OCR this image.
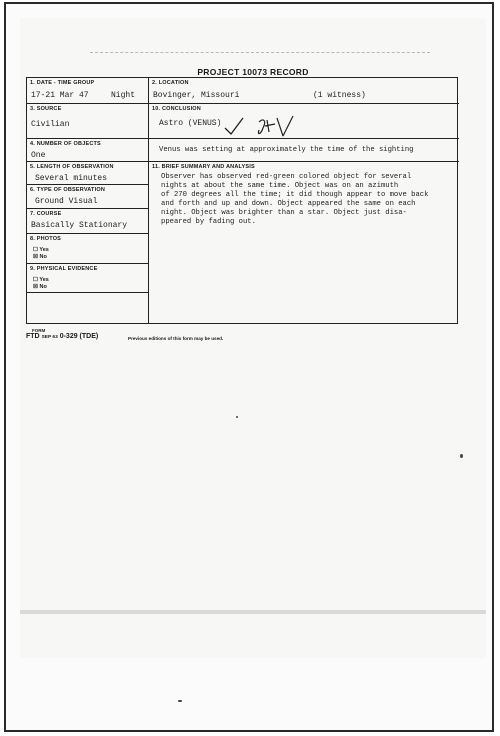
PROJECT 10073 RECORD
1. DATE - TIME GROUP
17-21 Mar 47	Night
2. LOCATION
Bovinger, Missouri	(1 witness)
3. SOURCE
Civilian
10. CONCLUSION
Astro (VENUS)
4. NUMBER OF OBJECTS
One
Venus was setting at approximately the time of the sighting
5. LENGTH OF OBSERVATION
Several minutes
11. BRIEF SUMMARY AND ANALYSIS
Observer has observed red-green colored object for several
nights at about the same time. Object was on an azimuth
of 270 degrees all the time; it did though appear to move back
and forth and up and down. Object appeared the same on each
night. Object was brighter than a star. Object just disa-
ppeared by fading out.
6. TYPE OF OBSERVATION
Ground Visual
7. COURSE
Basically Stationary
8. PHOTOS
☐ Yes
☒ No
9. PHYSICAL EVIDENCE
☐ Yes
☒ No
FORM
FTD SEP 63 0-329 (TDE)	Previous editions of this form may be used.
